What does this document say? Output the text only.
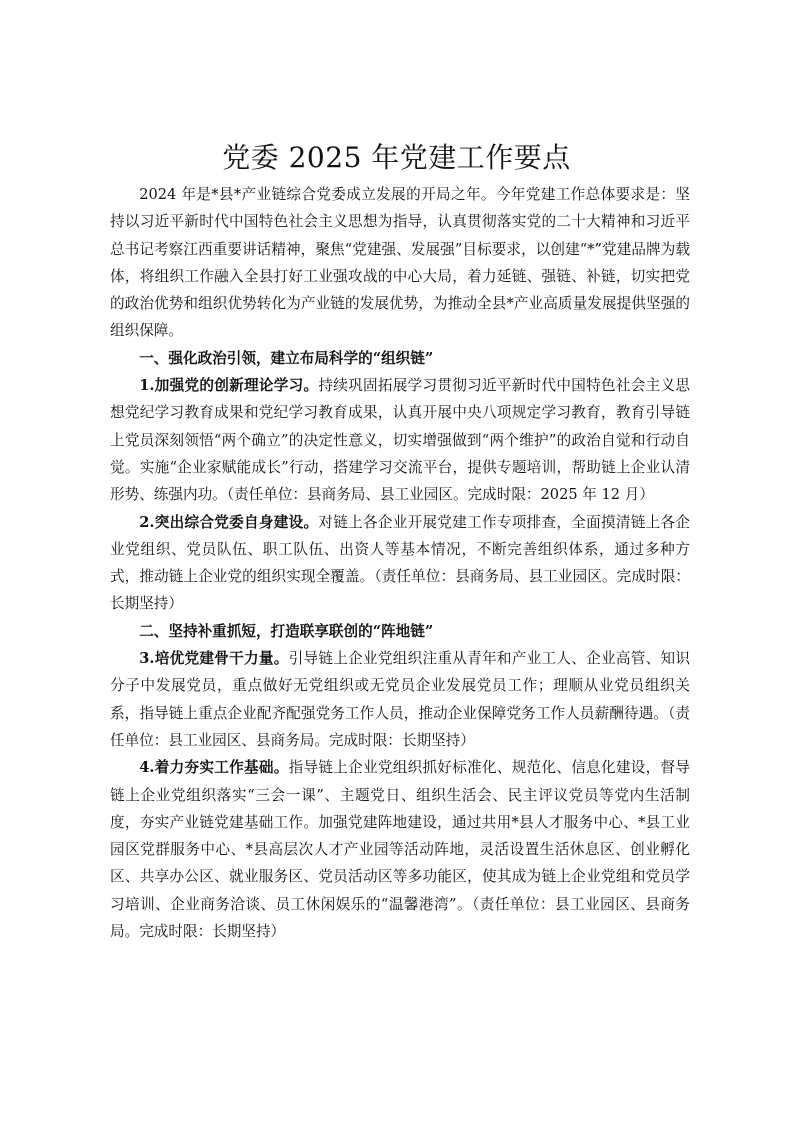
党委 2025 年党建工作要点

2024 年是*县*产业链综合党委成立发展的开局之年。今年党建工作总体要求是：坚持以习近平新时代中国特色社会主义思想为指导，认真贯彻落实党的二十大精神和习近平总书记考察江西重要讲话精神，聚焦“党建强、发展强”目标要求，以创建“*”党建品牌为载体，将组织工作融入全县打好工业强攻战的中心大局，着力延链、强链、补链，切实把党的政治优势和组织优势转化为产业链的发展优势，为推动全县*产业高质量发展提供坚强的组织保障。

一、强化政治引领，建立布局科学的“组织链”

1.加强党的创新理论学习。持续巩固拓展学习贯彻习近平新时代中国特色社会主义思想党纪学习教育成果和党纪学习教育成果，认真开展中央八项规定学习教育，教育引导链上党员深刻领悟“两个确立”的决定性意义，切实增强做到“两个维护”的政治自觉和行动自觉。实施“企业家赋能成长”行动，搭建学习交流平台，提供专题培训，帮助链上企业认清形势、练强内功。（责任单位：县商务局、县工业园区。完成时限：2025 年 12 月）

2.突出综合党委自身建设。对链上各企业开展党建工作专项排查，全面摸清链上各企业党组织、党员队伍、职工队伍、出资人等基本情况，不断完善组织体系，通过多种方式，推动链上企业党的组织实现全覆盖。（责任单位：县商务局、县工业园区。完成时限：长期坚持）

二、坚持补重抓短，打造联享联创的“阵地链”

3.培优党建骨干力量。引导链上企业党组织注重从青年和产业工人、企业高管、知识分子中发展党员，重点做好无党组织或无党员企业发展党员工作；理顺从业党员组织关系，指导链上重点企业配齐配强党务工作人员，推动企业保障党务工作人员薪酬待遇。（责任单位：县工业园区、县商务局。完成时限：长期坚持）

4.着力夯实工作基础。指导链上企业党组织抓好标准化、规范化、信息化建设，督导链上企业党组织落实“三会一课”、主题党日、组织生活会、民主评议党员等党内生活制度，夯实产业链党建基础工作。加强党建阵地建设，通过共用*县人才服务中心、*县工业园区党群服务中心、*县高层次人才产业园等活动阵地，灵活设置生活休息区、创业孵化区、共享办公区、就业服务区、党员活动区等多功能区，使其成为链上企业党组和党员学习培训、企业商务洽谈、员工休闲娱乐的“温馨港湾”。（责任单位：县工业园区、县商务局。完成时限：长期坚持）
